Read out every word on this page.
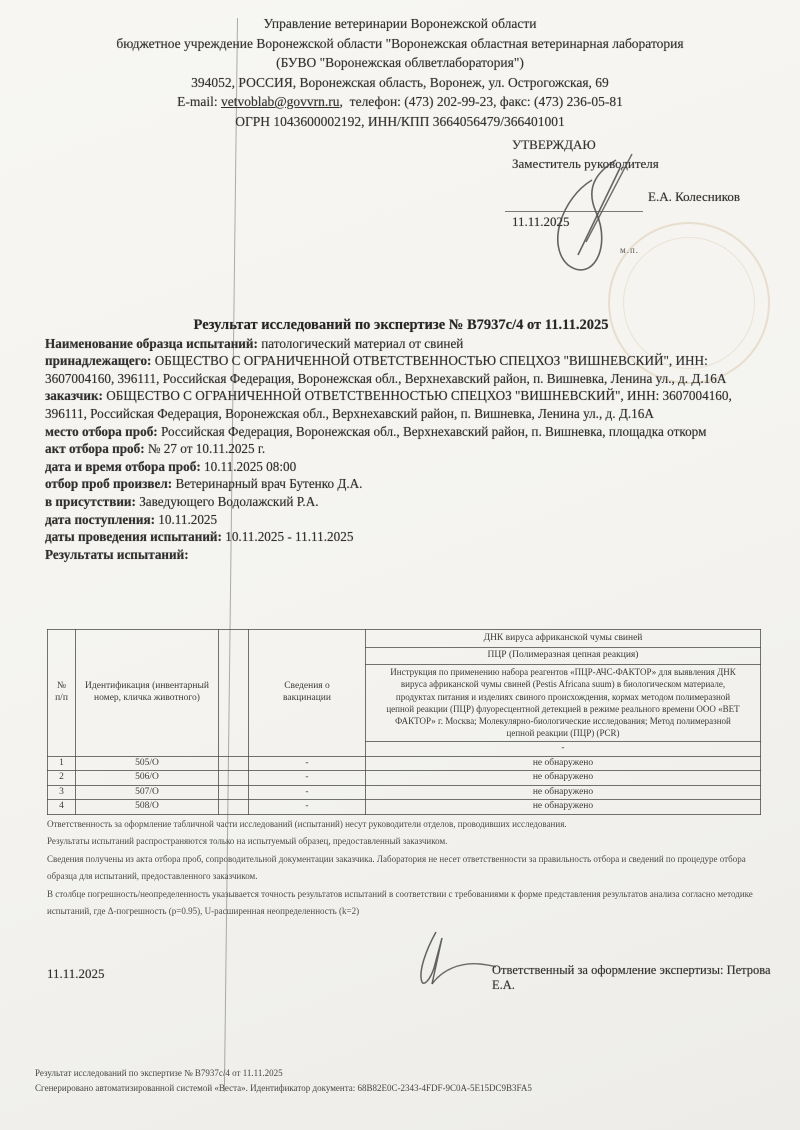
Управление ветеринарии Воронежской области
бюджетное учреждение Воронежской области "Воронежская областная ветеринарная лаборатория
(БУВО "Воронежская облветлаборатория")
394052, РОССИЯ, Воронежская область, Воронеж, ул. Острогожская, 69
E-mail: vetvoblab@govvrn.ru,  телефон: (473) 202-99-23, факс: (473) 236-05-81
ОГРН 1043600002192, ИНН/КПП 3664056479/366401001
УТВЕРЖДАЮ
Заместитель руководителя
Е.А. Колесников
11.11.2025
м.п.

Результат исследований по экспертизе № В7937с/4 от 11.11.2025

Наименование образца испытаний: патологический материал от свиней

принадлежащего: ОБЩЕСТВО С ОГРАНИЧЕННОЙ ОТВЕТСТВЕННОСТЬЮ СПЕЦХОЗ "ВИШНЕВСКИЙ", ИНН: 3607004160, 396111, Российская Федерация, Воронежская обл., Верхнехавский район, п. Вишневка, Ленина ул., д. Д.16А

заказчик: ОБЩЕСТВО С ОГРАНИЧЕННОЙ ОТВЕТСТВЕННОСТЬЮ СПЕЦХОЗ "ВИШНЕВСКИЙ", ИНН: 3607004160, 396111, Российская Федерация, Воронежская обл., Верхнехавский район, п. Вишневка, Ленина ул., д. Д.16А

место отбора проб: Российская Федерация, Воронежская обл., Верхнехавский район, п. Вишневка, площадка откорм

акт отбора проб: № 27 от 10.11.2025 г.

дата и время отбора проб: 10.11.2025 08:00

отбор проб произвел: Ветеринарный врач Бутенко Д.А.

в присутствии: Заведующего Водолажский Р.А.

дата поступления: 10.11.2025

даты проведения испытаний: 10.11.2025 - 11.11.2025

Результаты испытаний:

№ п/п	Идентификация (инвентарный номер, кличка животного)		Сведения о вакцинации	ДНК вируса африканской чумы свиней
				ПЦР (Полимеразная цепная реакция)
				Инструкция по применению набора реагентов «ПЦР-АЧС-ФАКТОР» для выявления ДНК вируса африканской чумы свиней (Pestis Africana suum) в биологическом материале, продуктах питания и изделиях свиного происхождения, кормах методом полимеразной цепной реакции (ПЦР) флуоресцентной детекцией в режиме реального времени ООО «ВЕТ ФАКТОР» г. Москва; Молекулярно-биологические исследования; Метод полимеразной цепной реакции (ПЦР) (PCR)
				-
1	505/О		-	не обнаружено
2	506/О		-	не обнаружено
3	507/О		-	не обнаружено
4	508/О		-	не обнаружено

Ответственность за оформление табличной части исследований (испытаний) несут руководители отделов, проводивших исследования.

Результаты испытаний распространяются только на испытуемый образец, предоставленный заказчиком.

Сведения получены из акта отбора проб, сопроводительной документации заказчика. Лаборатория не несет ответственности за правильность отбора и сведений по процедуре отбора образца для испытаний, предоставленного заказчиком.

В столбце погрешность/неопределенность указывается точность результатов испытаний в соответствии с требованиями к форме представления результатов анализа согласно методике испытаний, где Δ-погрешность (p=0.95), U-расширенная неопределенность (k=2)

11.11.2025	Ответственный за оформление экспертизы: Петрова Е.А.

Результат исследований по экспертизе № В7937с/4 от 11.11.2025

Сгенерировано автоматизированной системой «Веста». Идентификатор документа: 68B82E0C-2343-4FDF-9C0A-5E15DC9B3FA5
